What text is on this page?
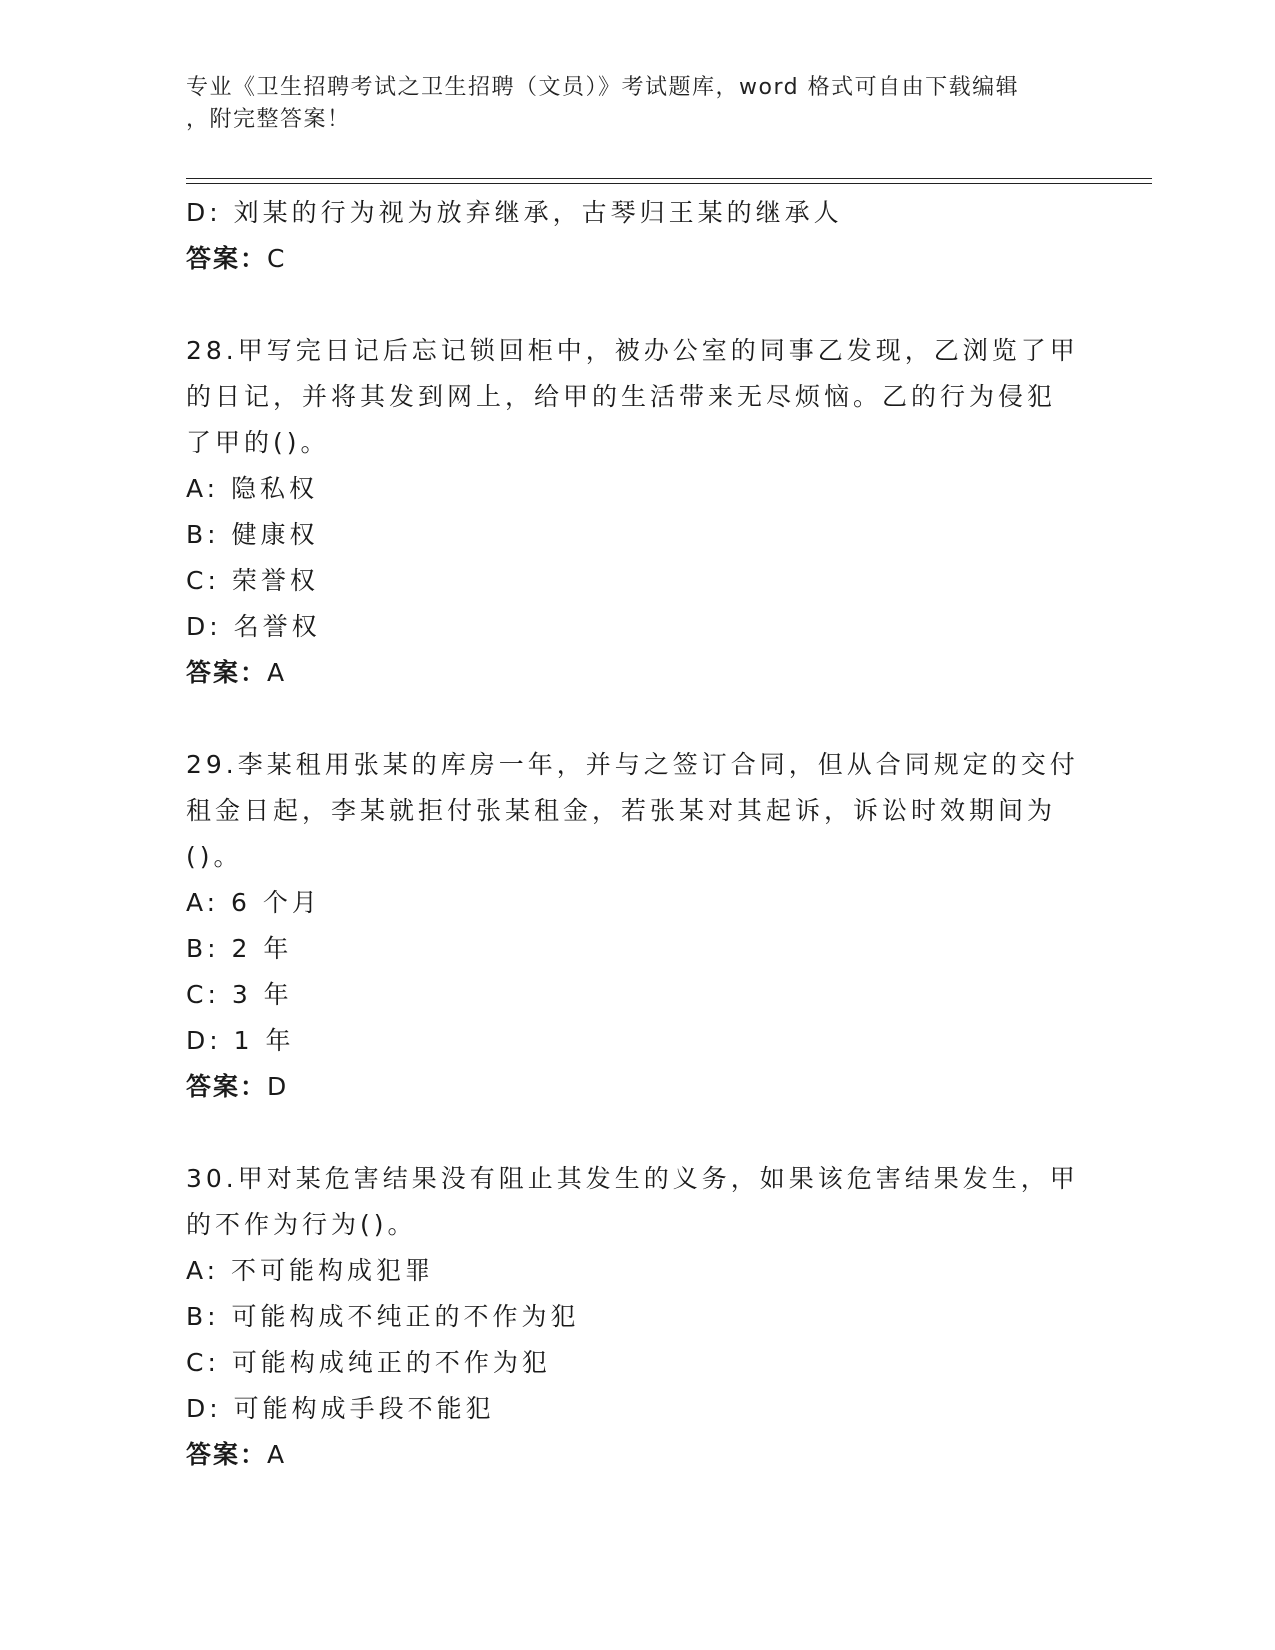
专业《卫生招聘考试之卫生招聘（文员）》考试题库，word 格式可自由下载编辑
，附完整答案！
D: 刘某的行为视为放弃继承，古琴归王某的继承人
答案：C
28.甲写完日记后忘记锁回柜中，被办公室的同事乙发现，乙浏览了甲
的日记，并将其发到网上，给甲的生活带来无尽烦恼。乙的行为侵犯
了甲的()。
A: 隐私权
B: 健康权
C: 荣誉权
D: 名誉权
答案：A
29.李某租用张某的库房一年，并与之签订合同，但从合同规定的交付
租金日起，李某就拒付张某租金，若张某对其起诉，诉讼时效期间为
()。
A: 6 个月
B: 2 年
C: 3 年
D: 1 年
答案：D
30.甲对某危害结果没有阻止其发生的义务，如果该危害结果发生，甲
的不作为行为()。
A: 不可能构成犯罪
B: 可能构成不纯正的不作为犯
C: 可能构成纯正的不作为犯
D: 可能构成手段不能犯
答案：A
